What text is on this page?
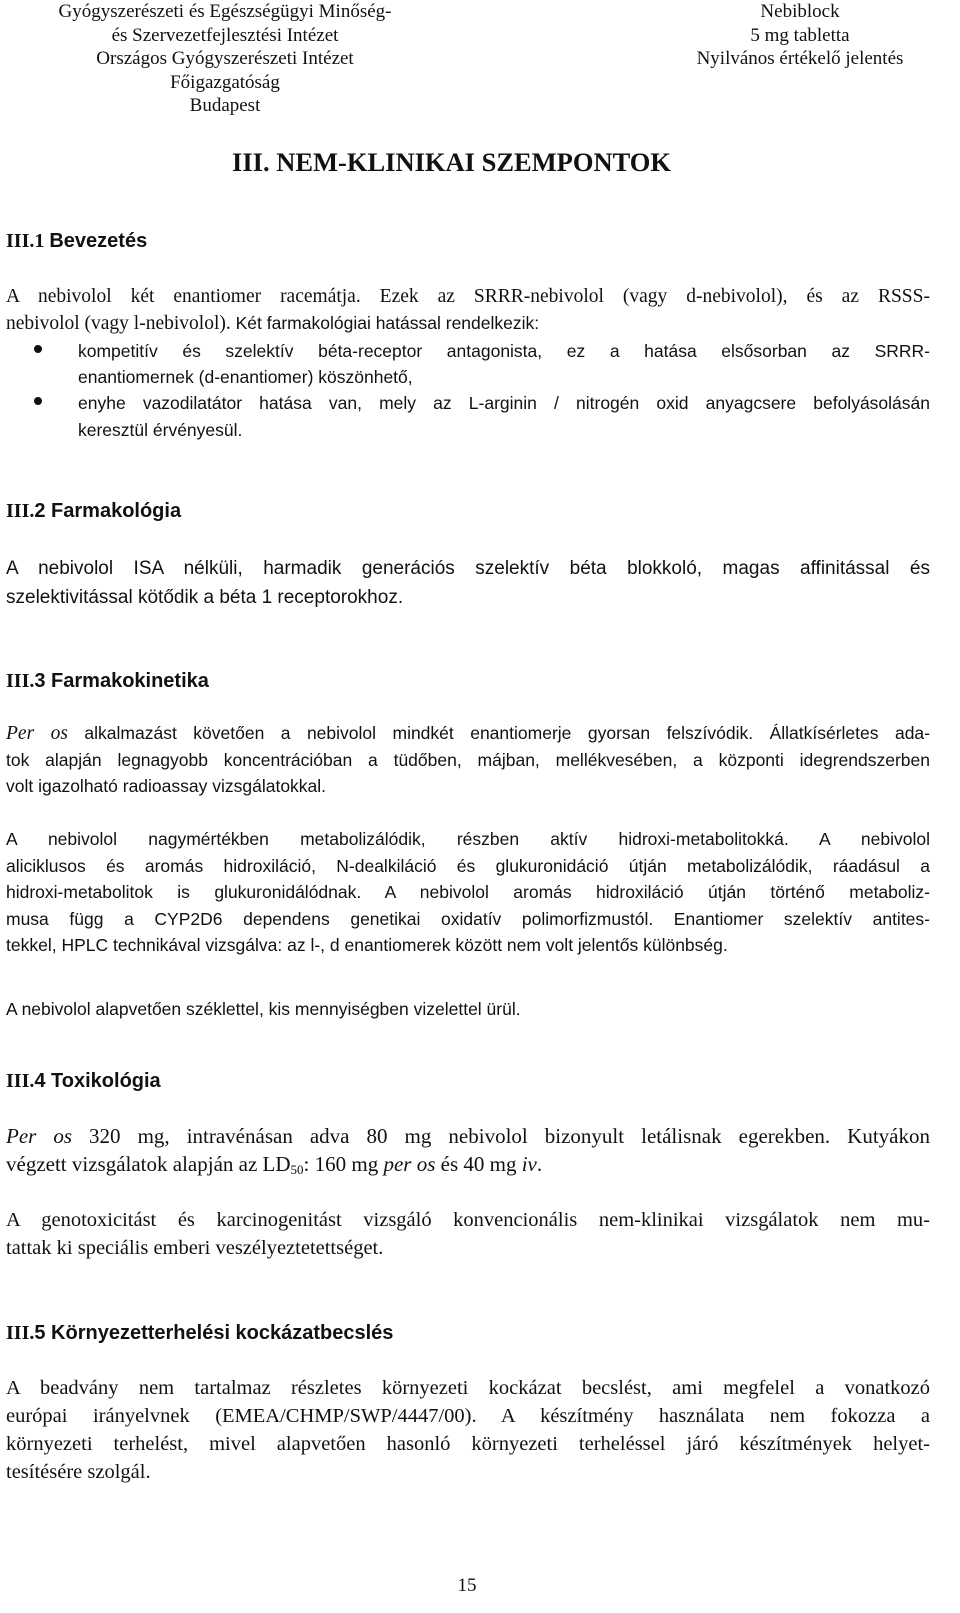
Gyógyszerészeti és Egészségügyi Minőség-
és Szervezetfejlesztési Intézet
Országos Gyógyszerészeti Intézet
Főigazgatóság
Budapest
Nebiblock
5 mg tabletta
Nyilvános értékelő jelentés
III. NEM-KLINIKAI SZEMPONTOK
III.1 Bevezetés
A nebivolol két enantiomer racemátja. Ezek az SRRR-nebivolol (vagy d-nebivolol), és az RSSS-
nebivolol (vagy l-nebivolol). Két farmakológiai hatással rendelkezik:
kompetitív és szelektív béta-receptor antagonista, ez a hatása elsősorban az SRRR-
enantiomernek (d-enantiomer) köszönhető,
enyhe vazodilatátor hatása van, mely az L-arginin / nitrogén oxid anyagcsere befolyásolásán
keresztül érvényesül.
III.2 Farmakológia
A nebivolol ISA nélküli, harmadik generációs szelektív béta blokkoló, magas affinitással és
szelektivitással kötődik a béta 1 receptorokhoz.
III.3 Farmakokinetika
Per os alkalmazást követően a nebivolol mindkét enantiomerje gyorsan felszívódik. Állatkísérletes ada-
tok alapján legnagyobb koncentrációban a tüdőben, májban, mellékvesében, a központi idegrendszerben
volt igazolható radioassay vizsgálatokkal.
A nebivolol nagymértékben metabolizálódik, részben aktív hidroxi-metabolitokká. A nebivolol
aliciklusos és aromás hidroxiláció, N-dealkiláció és glukuronidáció útján metabolizálódik, ráadásul a
hidroxi-metabolitok is glukuronidálódnak. A nebivolol aromás hidroxiláció útján történő metaboliz-
musa függ a CYP2D6 dependens genetikai oxidatív polimorfizmustól. Enantiomer szelektív antites-
tekkel, HPLC technikával vizsgálva: az l-, d enantiomerek között nem volt jelentős különbség.
A nebivolol alapvetően széklettel, kis mennyiségben vizelettel ürül.
III.4 Toxikológia
Per os 320 mg, intravénásan adva 80 mg nebivolol bizonyult letálisnak egerekben. Kutyákon
végzett vizsgálatok alapján az $LD_{50}$: 160 mg per os és 40 mg iv.
A genotoxicitást és karcinogenitást vizsgáló konvencionális nem-klinikai vizsgálatok nem mu-
tattak ki speciális emberi veszélyeztetettséget.
III.5 Környezetterhelési kockázatbecslés
A beadvány nem tartalmaz részletes környezeti kockázat becslést, ami megfelel a vonatkozó
európai irányelvnek (EMEA/CHMP/SWP/4447/00). A készítmény használata nem fokozza a
környezeti terhelést, mivel alapvetően hasonló környezeti terheléssel járó készítmények helyet-
tesítésére szolgál.
15
